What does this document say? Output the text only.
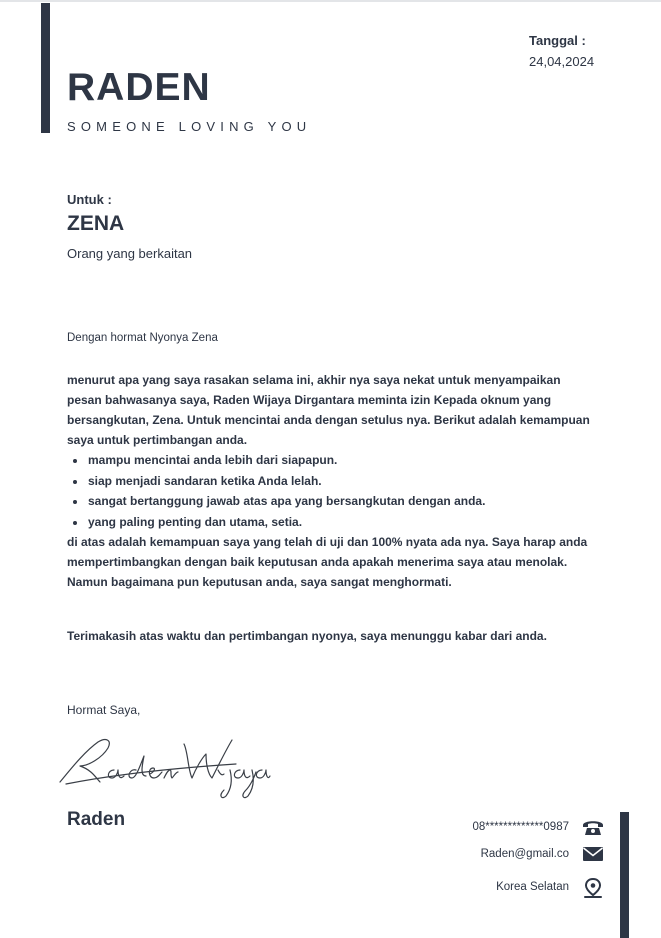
RADEN
SOMEONE LOVING YOU
Tanggal :
24,04,2024
Untuk :
ZENA
Orang yang berkaitan
Dengan hormat Nyonya Zena

menurut apa yang saya rasakan selama ini, akhir nya saya nekat untuk menyampaikan pesan bahwasanya saya, Raden Wijaya Dirgantara meminta izin Kepada oknum yang bersangkutan, Zena. Untuk mencintai anda dengan setulus nya. Berikut adalah kemampuan saya untuk pertimbangan anda.

• mampu mencintai anda lebih dari siapapun.
• siap menjadi sandaran ketika Anda lelah.
• sangat bertanggung jawab atas apa yang bersangkutan dengan anda.
• yang paling penting dan utama, setia.

di atas adalah kemampuan saya yang telah di uji dan 100% nyata ada nya. Saya harap anda mempertimbangkan dengan baik keputusan anda apakah menerima saya atau menolak. Namun bagaimana pun keputusan anda, saya sangat menghormati.

Terimakasih atas waktu dan pertimbangan nyonya, saya menunggu kabar dari anda.
Hormat Saya,
Raden	08*************0987
Raden@gmail.co
Korea Selatan
